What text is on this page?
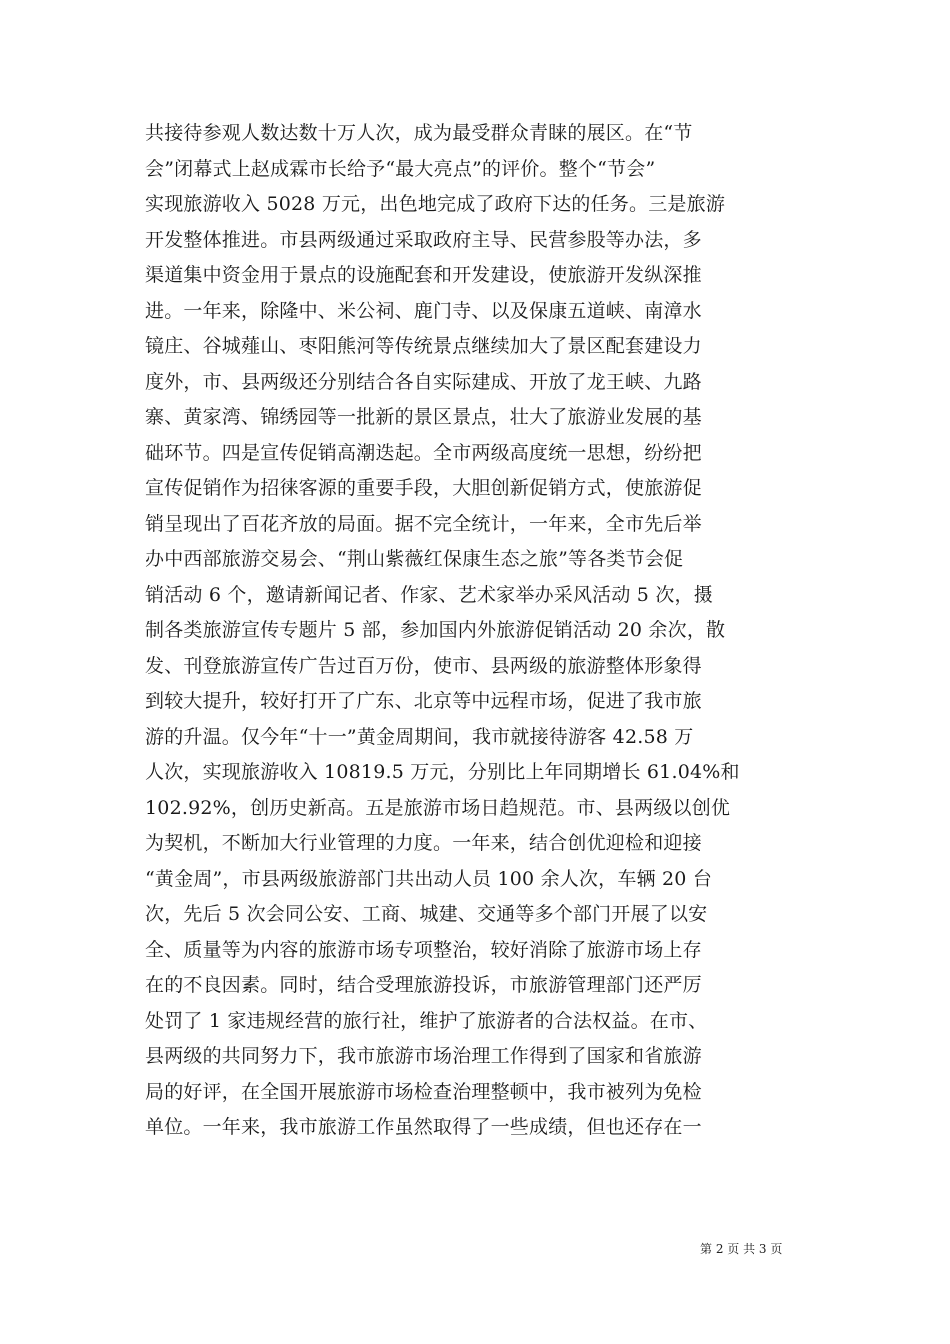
共接待参观人数达数十万人次，成为最受群众青睐的展区。在“节
会”闭幕式上赵成霖市长给予“最大亮点”的评价。整个“节会”
实现旅游收入 5028 万元，出色地完成了政府下达的任务。三是旅游
开发整体推进。市县两级通过采取政府主导、民营参股等办法，多
渠道集中资金用于景点的设施配套和开发建设，使旅游开发纵深推
进。一年来，除隆中、米公祠、鹿门寺、以及保康五道峡、南漳水
镜庄、谷城薤山、枣阳熊河等传统景点继续加大了景区配套建设力
度外，市、县两级还分别结合各自实际建成、开放了龙王峡、九路
寨、黄家湾、锦绣园等一批新的景区景点，壮大了旅游业发展的基
础环节。四是宣传促销高潮迭起。全市两级高度统一思想，纷纷把
宣传促销作为招徕客源的重要手段，大胆创新促销方式，使旅游促
销呈现出了百花齐放的局面。据不完全统计，一年来，全市先后举
办中西部旅游交易会、“荆山紫薇红保康生态之旅”等各类节会促
销活动 6 个，邀请新闻记者、作家、艺术家举办采风活动 5 次，摄
制各类旅游宣传专题片 5 部，参加国内外旅游促销活动 20 余次，散
发、刊登旅游宣传广告过百万份，使市、县两级的旅游整体形象得
到较大提升，较好打开了广东、北京等中远程市场，促进了我市旅
游的升温。仅今年“十一”黄金周期间，我市就接待游客 42.58 万
人次，实现旅游收入 10819.5 万元，分别比上年同期增长 61.04%和
102.92%，创历史新高。五是旅游市场日趋规范。市、县两级以创优
为契机，不断加大行业管理的力度。一年来，结合创优迎检和迎接
“黄金周”，市县两级旅游部门共出动人员 100 余人次，车辆 20 台
次，先后 5 次会同公安、工商、城建、交通等多个部门开展了以安
全、质量等为内容的旅游市场专项整治，较好消除了旅游市场上存
在的不良因素。同时，结合受理旅游投诉，市旅游管理部门还严厉
处罚了 1 家违规经营的旅行社，维护了旅游者的合法权益。在市、
县两级的共同努力下，我市旅游市场治理工作得到了国家和省旅游
局的好评，在全国开展旅游市场检查治理整顿中，我市被列为免检
单位。一年来，我市旅游工作虽然取得了一些成绩，但也还存在一
第 2 页 共 3 页
